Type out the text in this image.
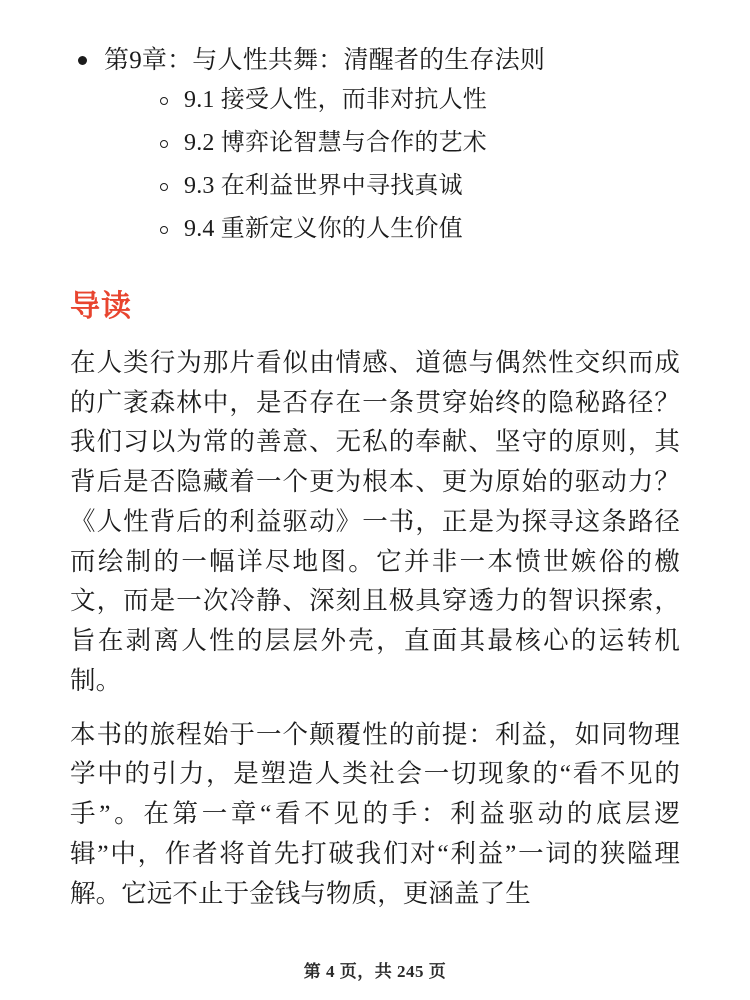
第9章：与人性共舞：清醒者的生存法则
9.1 接受人性，而非对抗人性
9.2 博弈论智慧与合作的艺术
9.3 在利益世界中寻找真诚
9.4 重新定义你的人生价值
导读

在人类行为那片看似由情感、道德与偶然性交织而成的广袤森林中，是否存在一条贯穿始终的隐秘路径？我们习以为常的善意、无私的奉献、坚守的原则，其背后是否隐藏着一个更为根本、更为原始的驱动力？《人性背后的利益驱动》一书，正是为探寻这条路径而绘制的一幅详尽地图。它并非一本愤世嫉俗的檄文，而是一次冷静、深刻且极具穿透力的智识探索，旨在剥离人性的层层外壳，直面其最核心的运转机制。

本书的旅程始于一个颠覆性的前提：利益，如同物理学中的引力，是塑造人类社会一切现象的“看不见的手”。在第一章“看不见的手：利益驱动的底层逻辑”中，作者将首先打破我们对“利益”一词的狭隘理解。它远不止于金钱与物质，更涵盖了生

第 4 页，共 245 页
